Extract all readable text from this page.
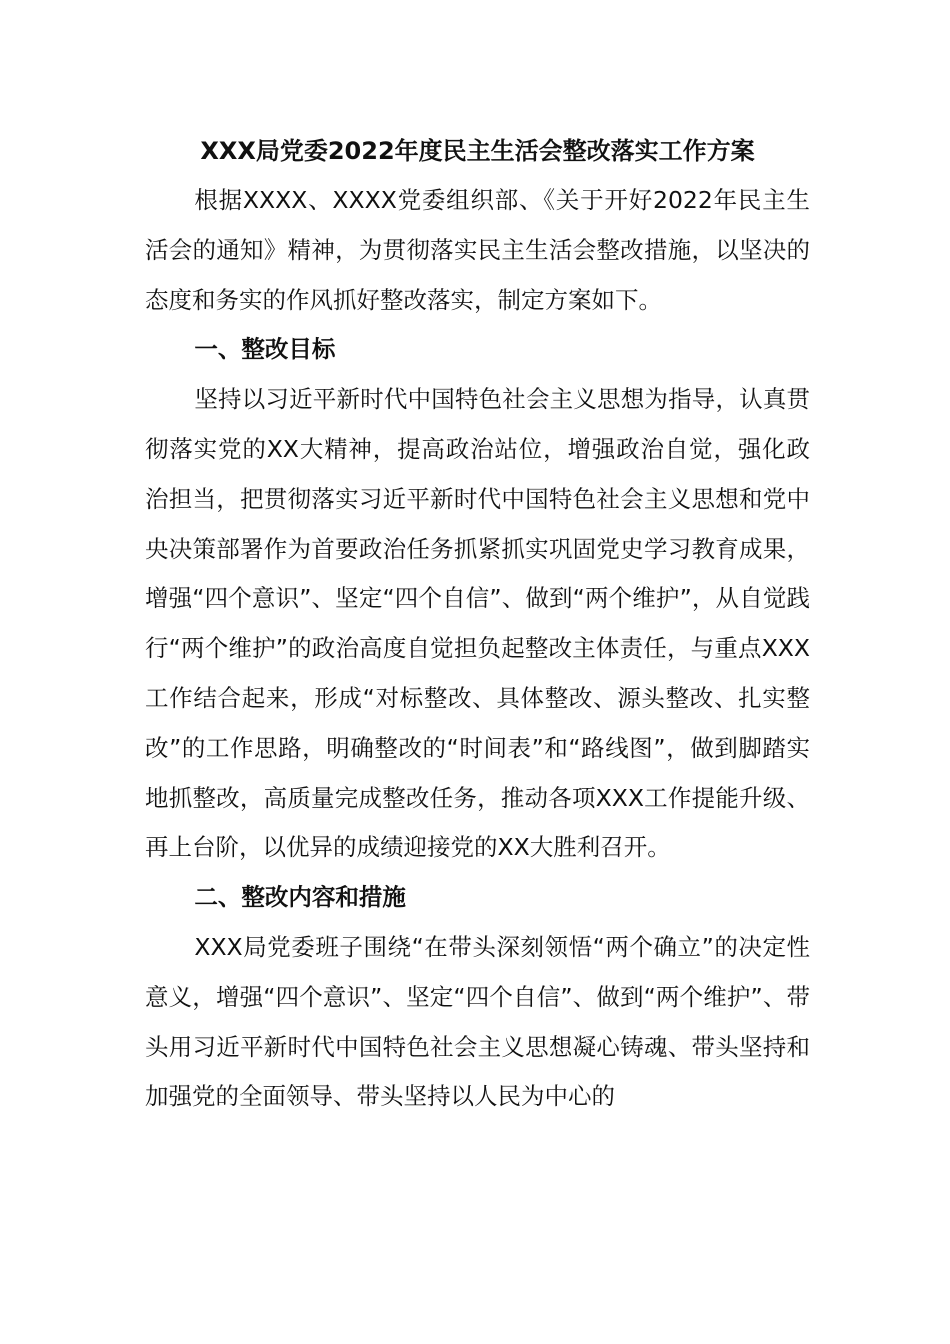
XXX局党委2022年度民主生活会整改落实工作方案

根据XXXX、XXXX党委组织部、《关于开好2022年民主生活会的通知》精神，为贯彻落实民主生活会整改措施，以坚决的态度和务实的作风抓好整改落实，制定方案如下。

一、整改目标

坚持以习近平新时代中国特色社会主义思想为指导，认真贯彻落实党的XX大精神，提高政治站位，增强政治自觉，强化政治担当，把贯彻落实习近平新时代中国特色社会主义思想和党中央决策部署作为首要政治任务抓紧抓实巩固党史学习教育成果，增强“四个意识”、坚定“四个自信”、做到“两个维护”，从自觉践行“两个维护”的政治高度自觉担负起整改主体责任，与重点XXX工作结合起来，形成“对标整改、具体整改、源头整改、扎实整改”的工作思路，明确整改的“时间表”和“路线图”，做到脚踏实地抓整改，高质量完成整改任务，推动各项XXX工作提能升级、再上台阶，以优异的成绩迎接党的XX大胜利召开。

二、整改内容和措施

XXX局党委班子围绕“在带头深刻领悟“两个确立”的决定性意义，增强“四个意识”、坚定“四个自信”、做到“两个维护”、带头用习近平新时代中国特色社会主义思想凝心铸魂、带头坚持和加强党的全面领导、带头坚持以人民为中心的
